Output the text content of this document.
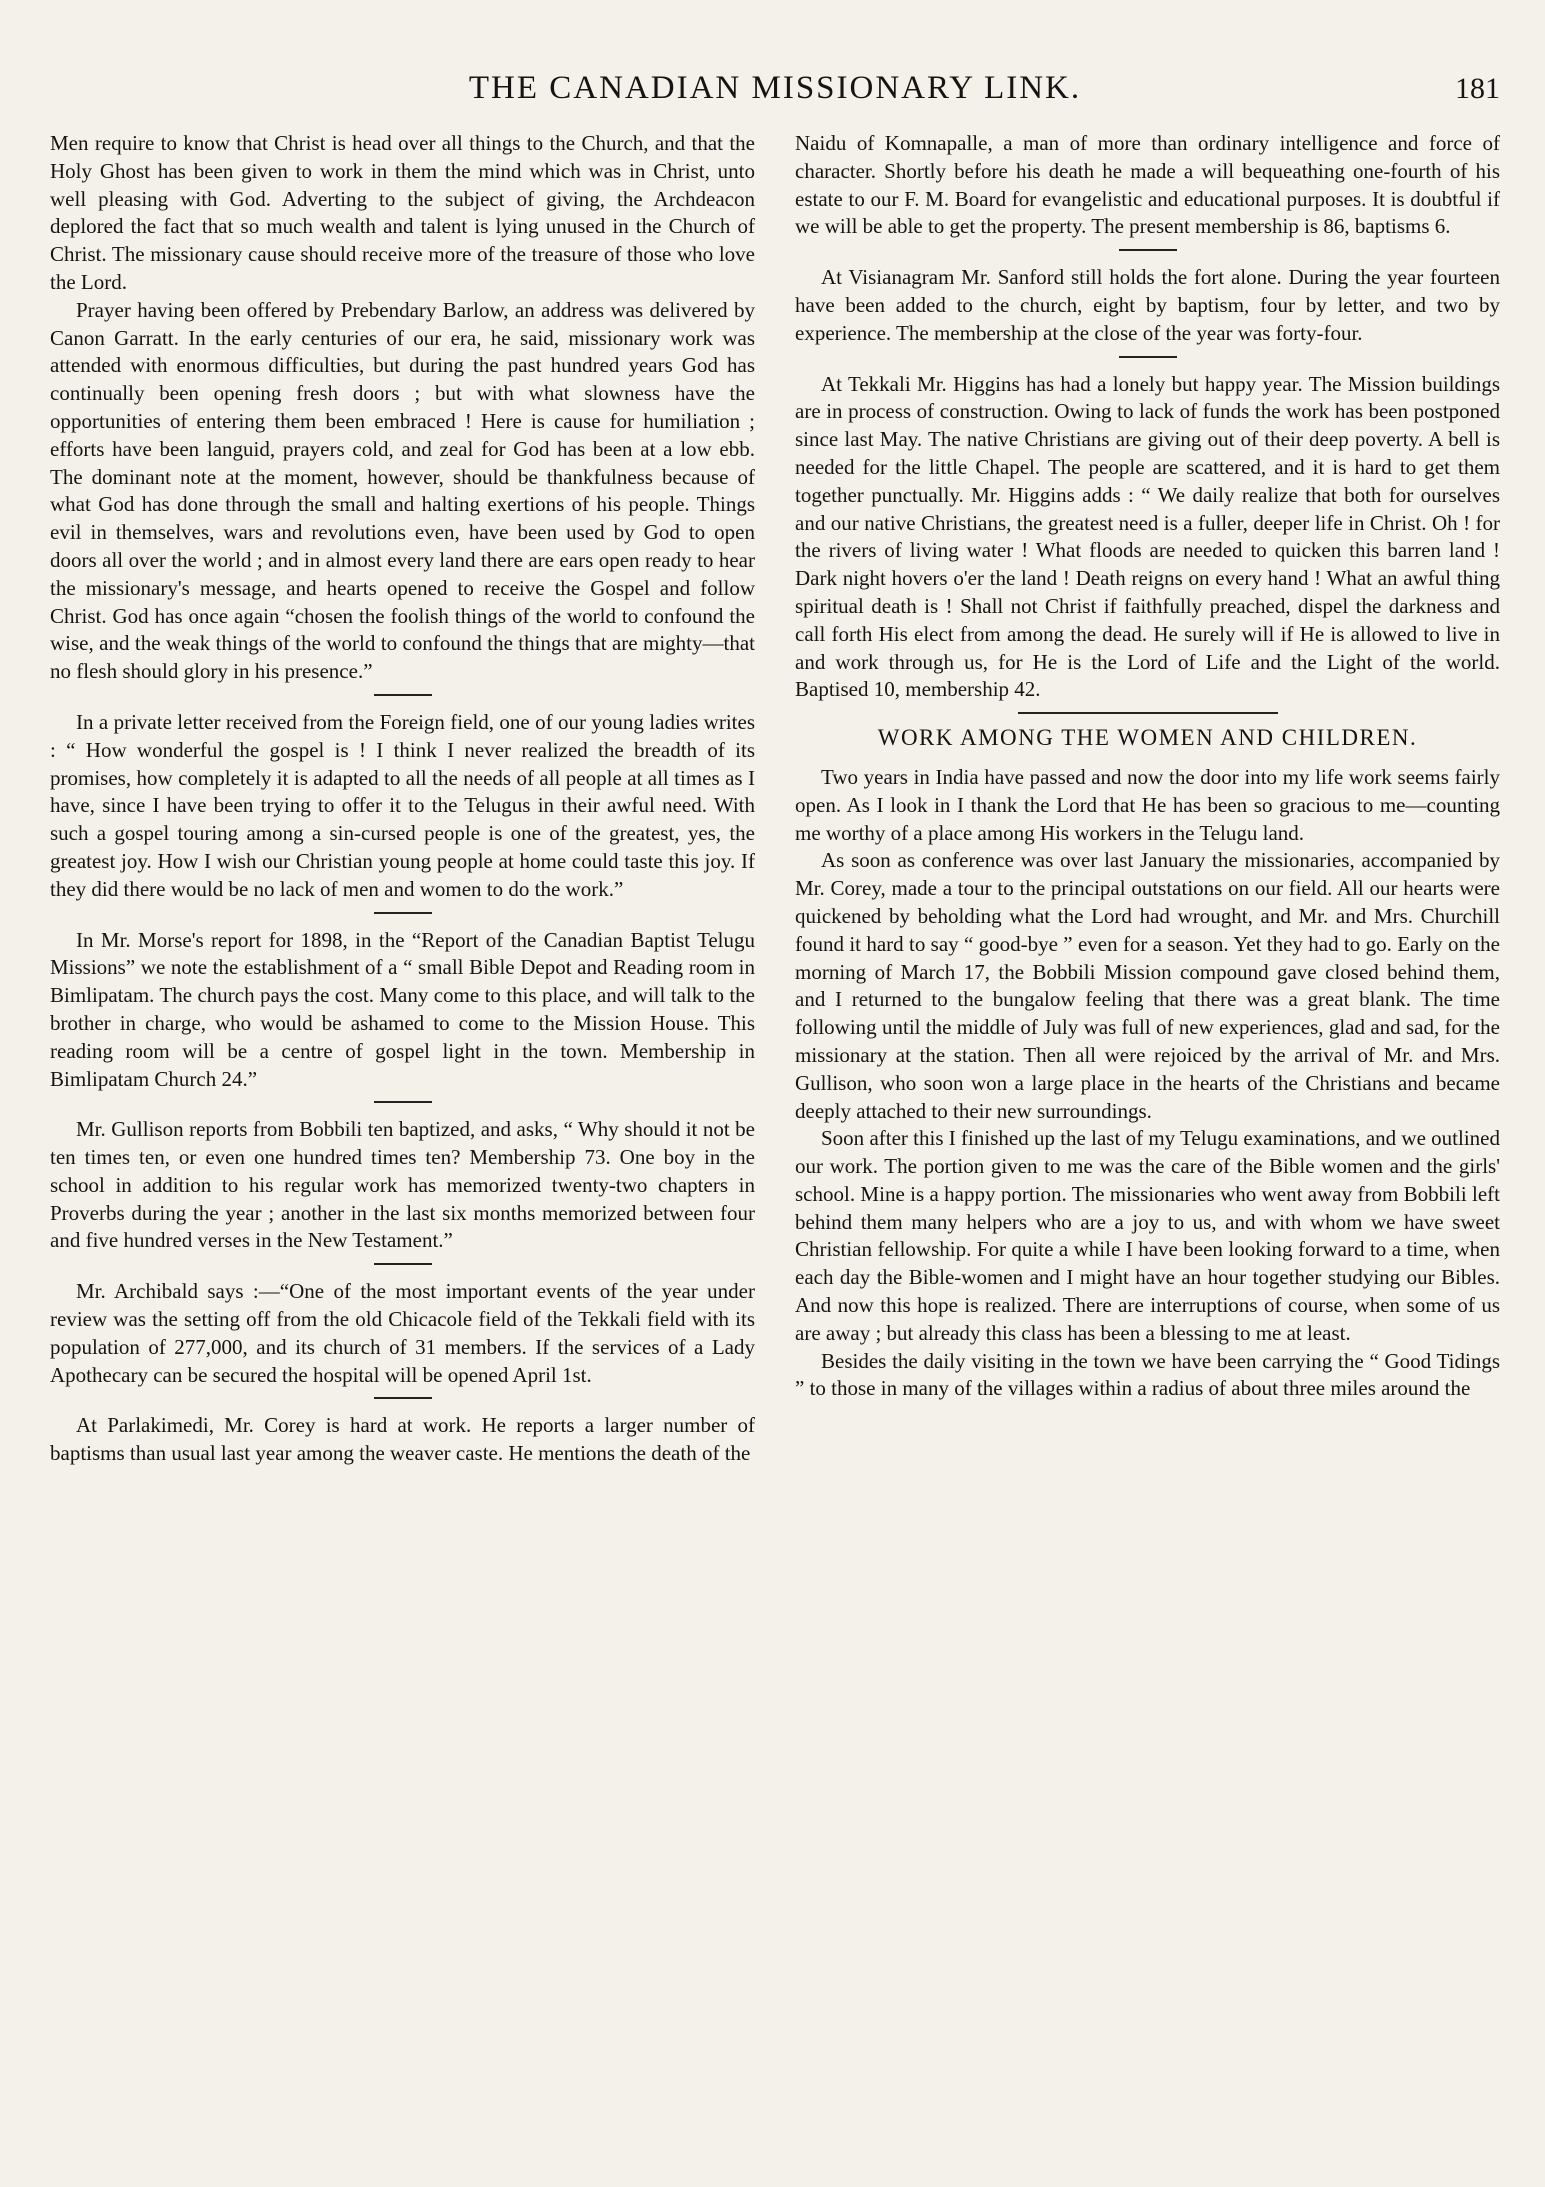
THE CANADIAN MISSIONARY LINK.	181

Men require to know that Christ is head over all things to the Church, and that the Holy Ghost has been given to work in them the mind which was in Christ, unto well pleasing with God. Adverting to the subject of giving, the Archdeacon deplored the fact that so much wealth and talent is lying unused in the Church of Christ. The missionary cause should receive more of the treasure of those who love the Lord.

Prayer having been offered by Prebendary Barlow, an address was delivered by Canon Garratt. In the early centuries of our era, he said, missionary work was attended with enormous difficulties, but during the past hundred years God has continually been opening fresh doors ; but with what slowness have the opportunities of entering them been embraced ! Here is cause for humiliation ; efforts have been languid, prayers cold, and zeal for God has been at a low ebb. The dominant note at the moment, however, should be thankfulness because of what God has done through the small and halting exertions of his people. Things evil in themselves, wars and revolutions even, have been used by God to open doors all over the world ; and in almost every land there are ears open ready to hear the missionary's message, and hearts opened to receive the Gospel and follow Christ. God has once again “chosen the foolish things of the world to confound the wise, and the weak things of the world to confound the things that are mighty—that no flesh should glory in his presence.”

In a private letter received from the Foreign field, one of our young ladies writes : “ How wonderful the gospel is ! I think I never realized the breadth of its promises, how completely it is adapted to all the needs of all people at all times as I have, since I have been trying to offer it to the Telugus in their awful need. With such a gospel touring among a sin-cursed people is one of the greatest, yes, the greatest joy. How I wish our Christian young people at home could taste this joy. If they did there would be no lack of men and women to do the work.”

In Mr. Morse's report for 1898, in the “Report of the Canadian Baptist Telugu Missions” we note the establishment of a “ small Bible Depot and Reading room in Bimlipatam. The church pays the cost. Many come to this place, and will talk to the brother in charge, who would be ashamed to come to the Mission House. This reading room will be a centre of gospel light in the town. Membership in Bimlipatam Church 24.”

Mr. Gullison reports from Bobbili ten baptized, and asks, “ Why should it not be ten times ten, or even one hundred times ten? Membership 73. One boy in the school in addition to his regular work has memorized twenty-two chapters in Proverbs during the year ; another in the last six months memorized between four and five hundred verses in the New Testament.”

Mr. Archibald says :—“One of the most important events of the year under review was the setting off from the old Chicacole field of the Tekkali field with its population of 277,000, and its church of 31 members. If the services of a Lady Apothecary can be secured the hospital will be opened April 1st.

At Parlakimedi, Mr. Corey is hard at work. He reports a larger number of baptisms than usual last year among the weaver caste. He mentions the death of the

Naidu of Komnapalle, a man of more than ordinary intelligence and force of character. Shortly before his death he made a will bequeathing one-fourth of his estate to our F. M. Board for evangelistic and educational purposes. It is doubtful if we will be able to get the property. The present membership is 86, baptisms 6.

At Visianagram Mr. Sanford still holds the fort alone. During the year fourteen have been added to the church, eight by baptism, four by letter, and two by experience. The membership at the close of the year was forty-four.

At Tekkali Mr. Higgins has had a lonely but happy year. The Mission buildings are in process of construction. Owing to lack of funds the work has been postponed since last May. The native Christians are giving out of their deep poverty. A bell is needed for the little Chapel. The people are scattered, and it is hard to get them together punctually. Mr. Higgins adds : “ We daily realize that both for ourselves and our native Christians, the greatest need is a fuller, deeper life in Christ. Oh ! for the rivers of living water ! What floods are needed to quicken this barren land ! Dark night hovers o'er the land ! Death reigns on every hand ! What an awful thing spiritual death is ! Shall not Christ if faithfully preached, dispel the darkness and call forth His elect from among the dead. He surely will if He is allowed to live in and work through us, for He is the Lord of Life and the Light of the world. Baptised 10, membership 42.

WORK AMONG THE WOMEN AND CHILDREN.

Two years in India have passed and now the door into my life work seems fairly open. As I look in I thank the Lord that He has been so gracious to me—counting me worthy of a place among His workers in the Telugu land.

As soon as conference was over last January the missionaries, accompanied by Mr. Corey, made a tour to the principal outstations on our field. All our hearts were quickened by beholding what the Lord had wrought, and Mr. and Mrs. Churchill found it hard to say “ good-bye ” even for a season. Yet they had to go. Early on the morning of March 17, the Bobbili Mission compound gave closed behind them, and I returned to the bungalow feeling that there was a great blank. The time following until the middle of July was full of new experiences, glad and sad, for the missionary at the station. Then all were rejoiced by the arrival of Mr. and Mrs. Gullison, who soon won a large place in the hearts of the Christians and became deeply attached to their new surroundings.

Soon after this I finished up the last of my Telugu examinations, and we outlined our work. The portion given to me was the care of the Bible women and the girls' school. Mine is a happy portion. The missionaries who went away from Bobbili left behind them many helpers who are a joy to us, and with whom we have sweet Christian fellowship. For quite a while I have been looking forward to a time, when each day the Bible-women and I might have an hour together studying our Bibles. And now this hope is realized. There are interruptions of course, when some of us are away ; but already this class has been a blessing to me at least.

Besides the daily visiting in the town we have been carrying the “ Good Tidings ” to those in many of the villages within a radius of about three miles around the
